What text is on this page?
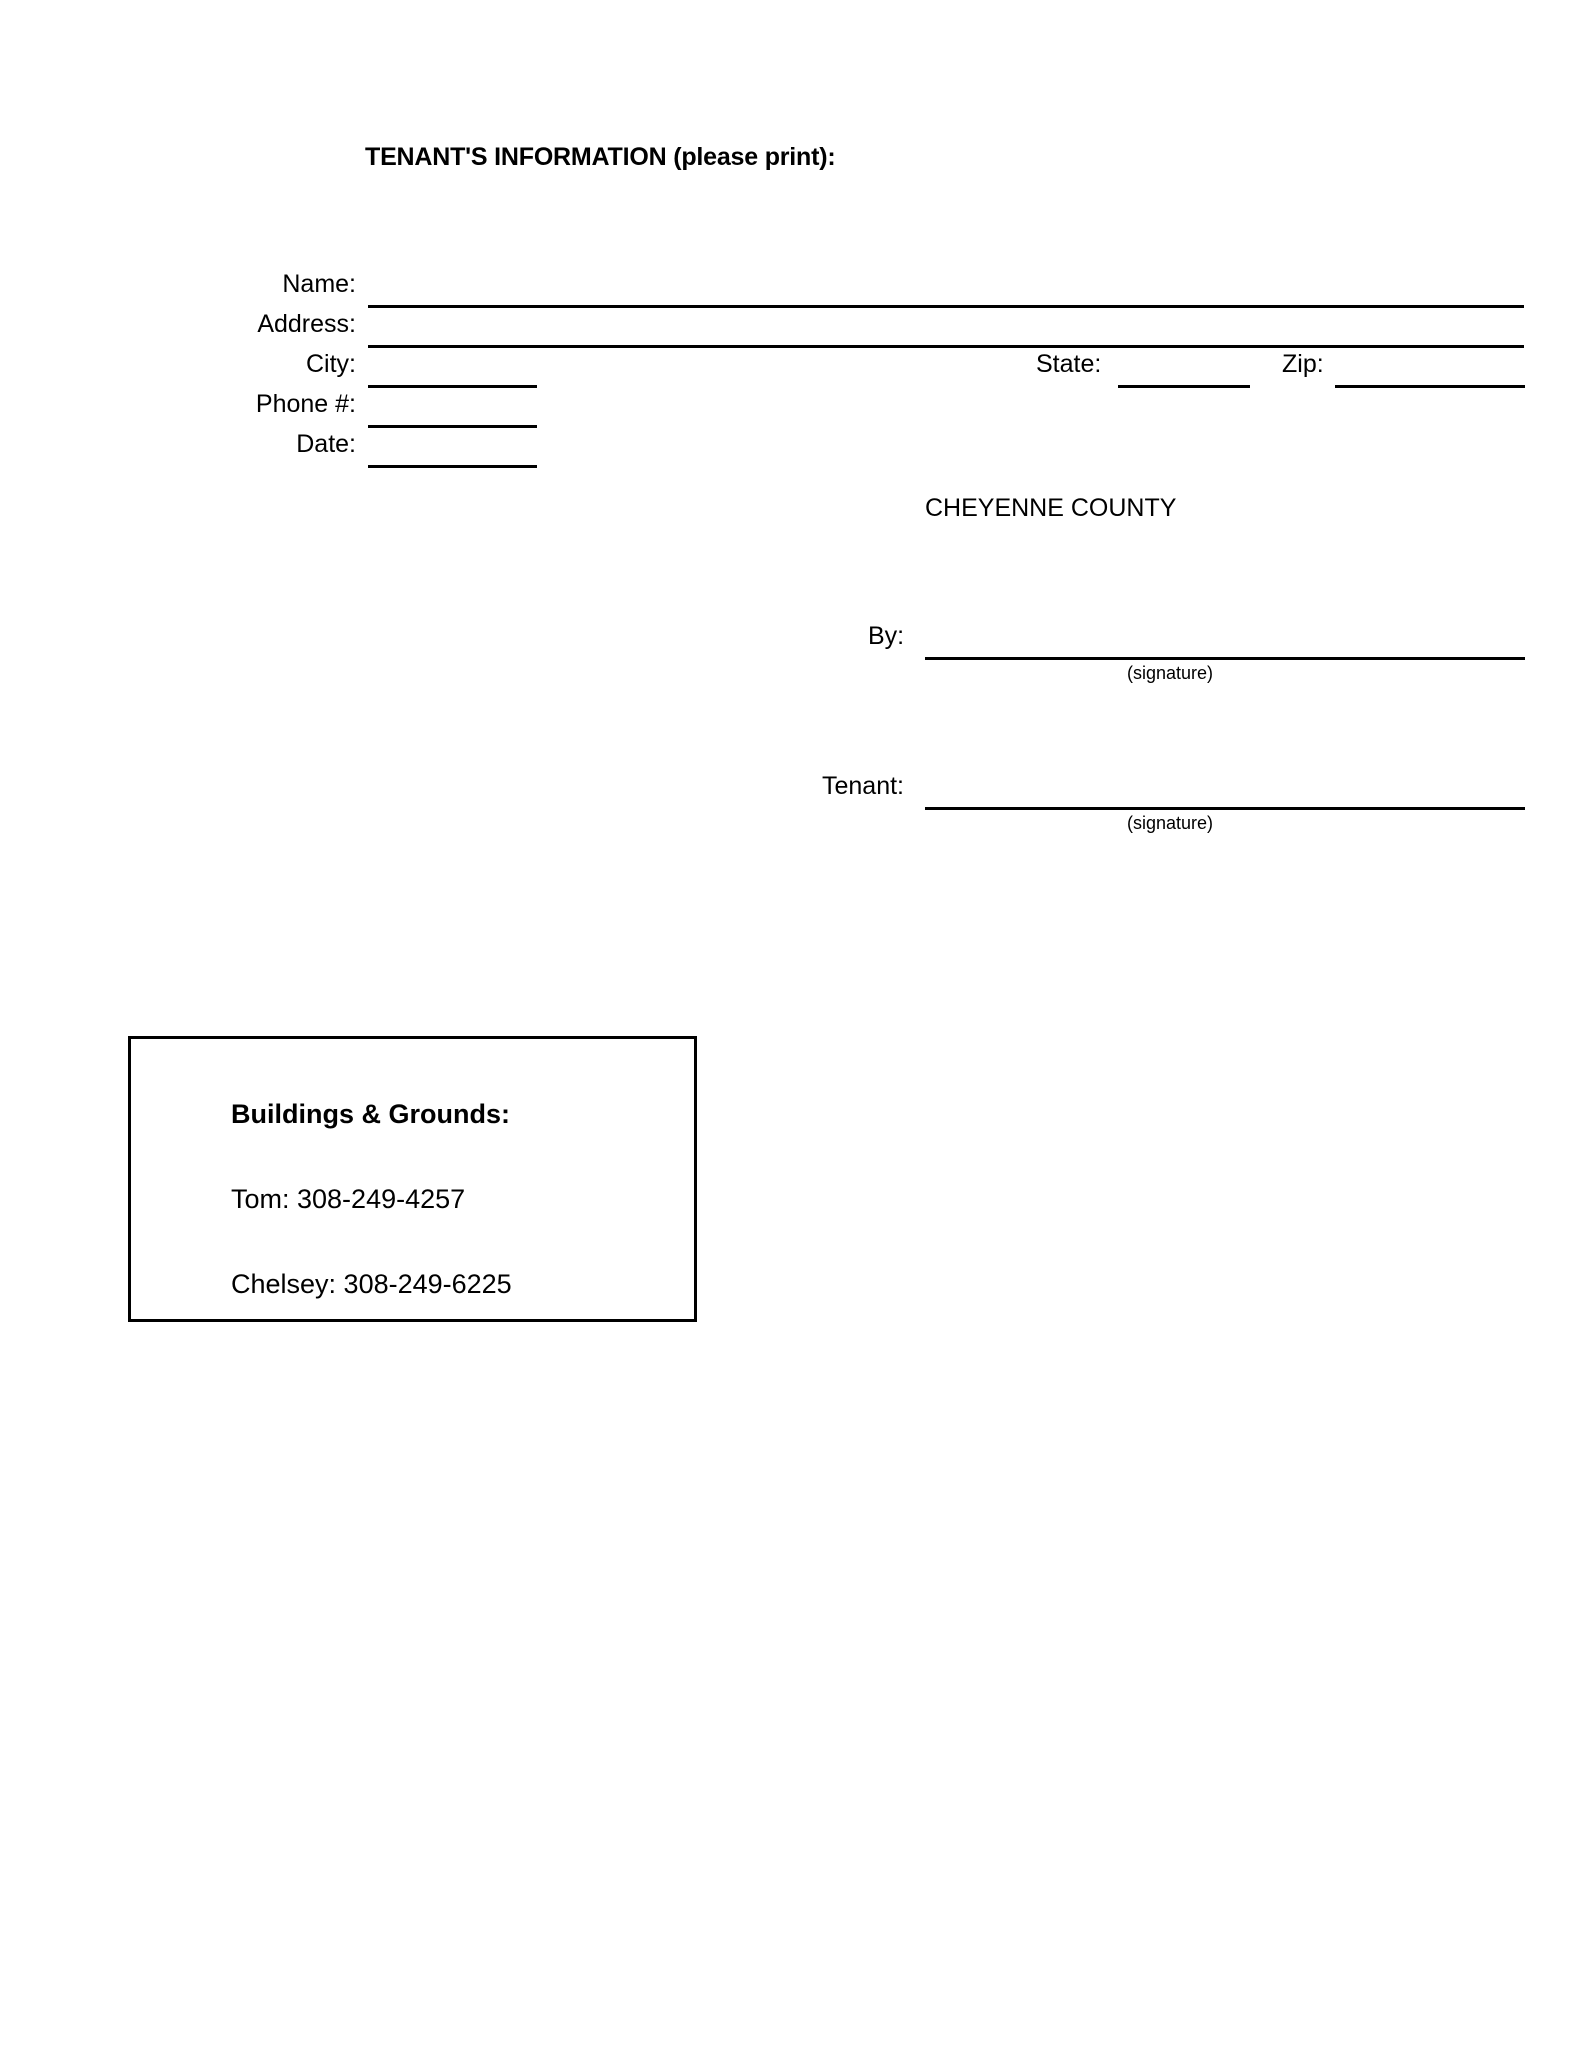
TENANT'S INFORMATION (please print):
Name:
Address:
City:	State:	Zip:
Phone #:
Date:
CHEYENNE COUNTY
By:
(signature)
Tenant:
(signature)
Buildings & Grounds:
Tom: 308-249-4257
Chelsey: 308-249-6225
